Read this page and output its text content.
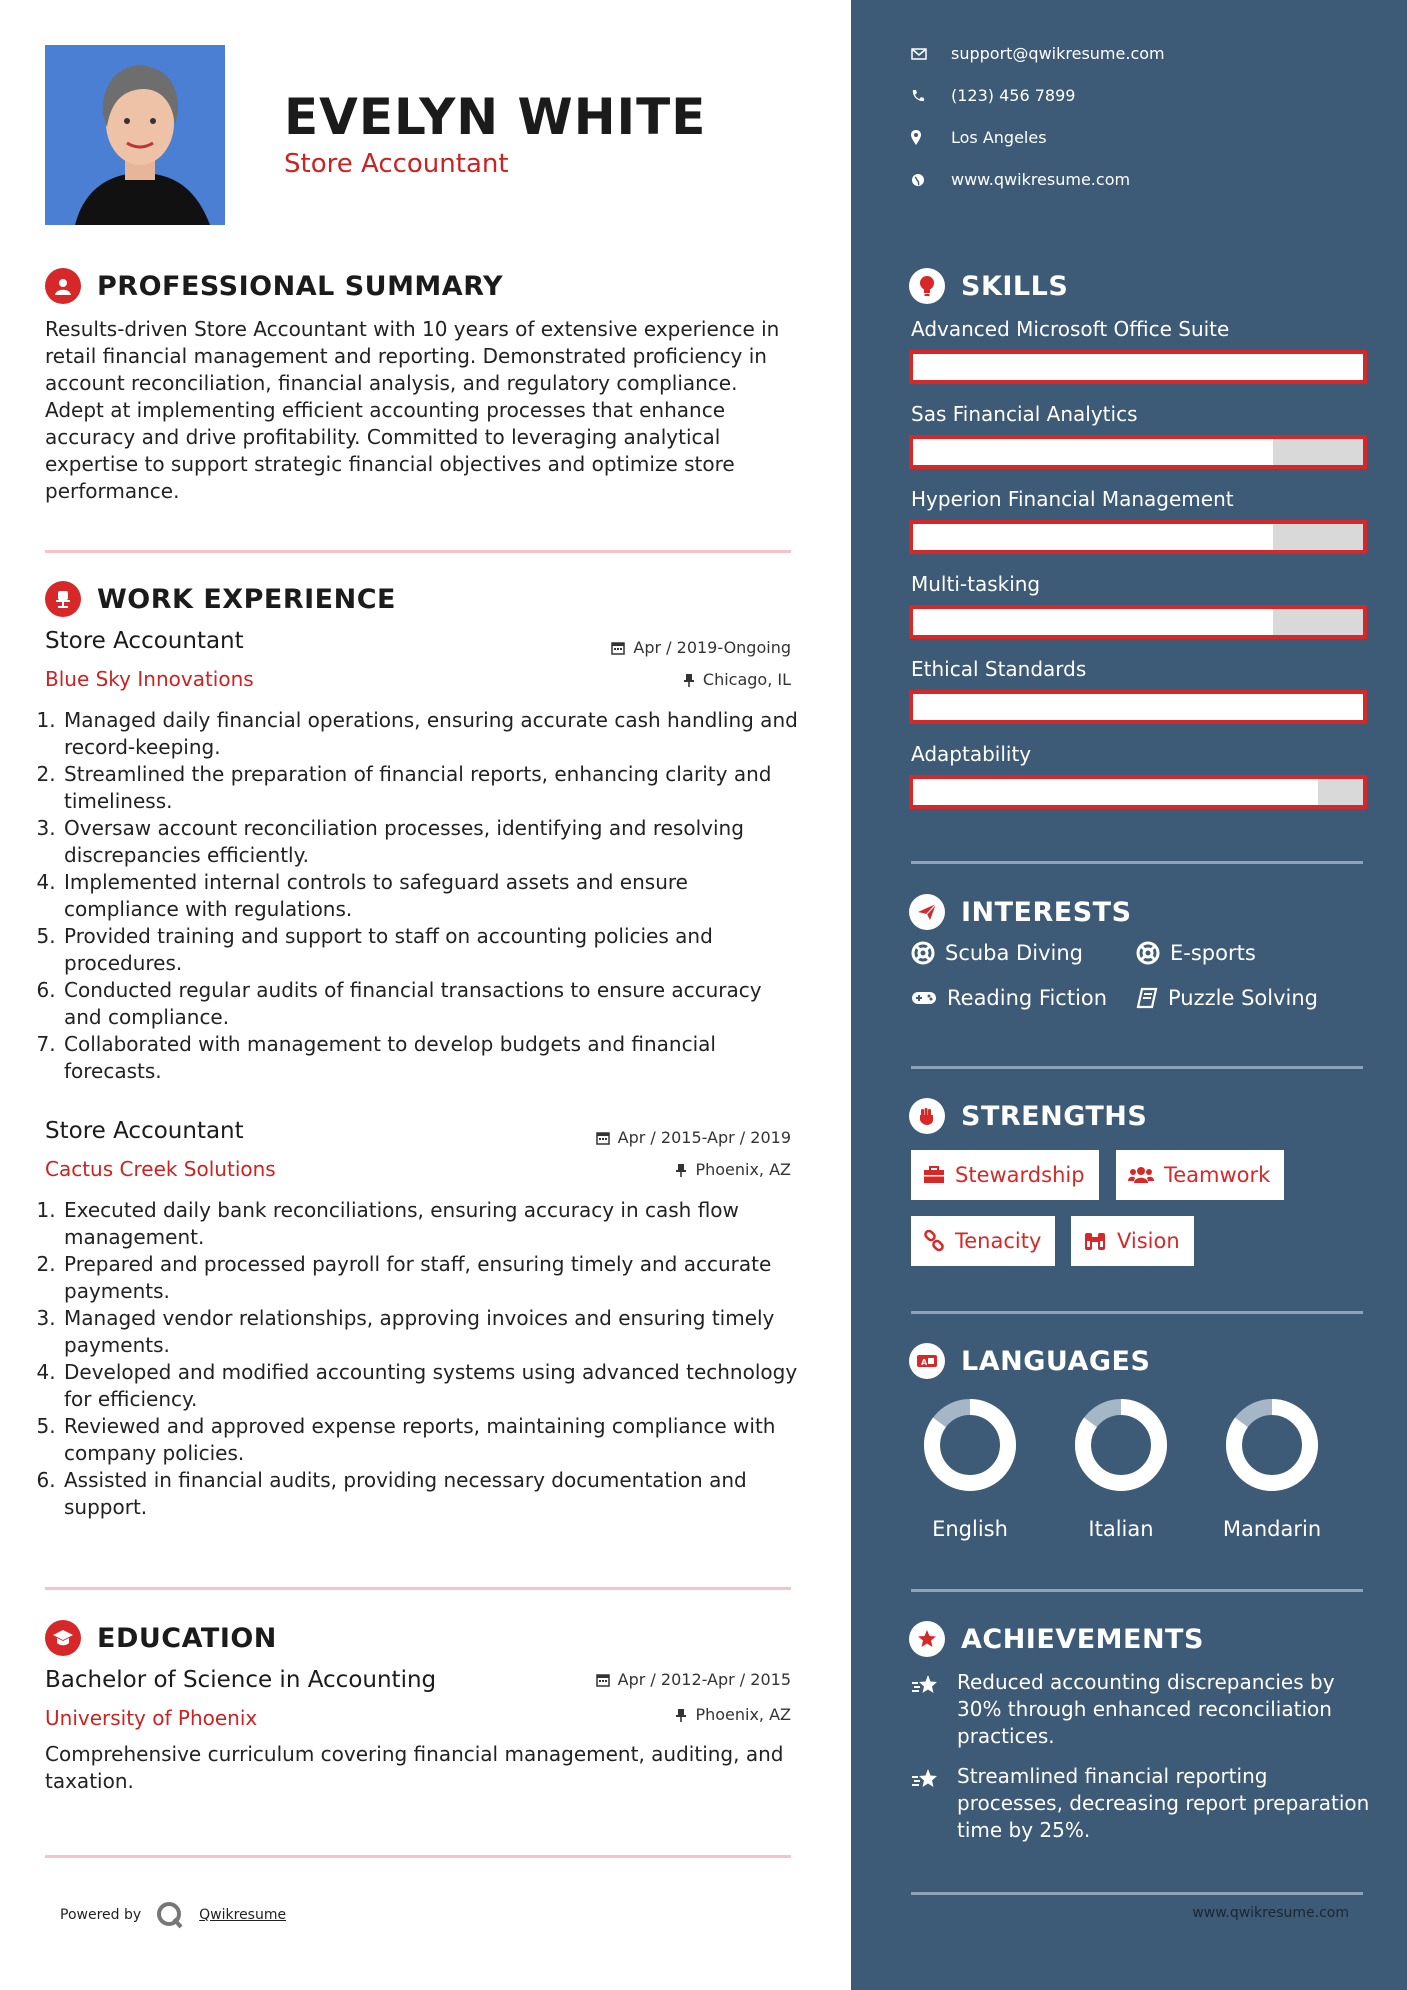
EVELYN WHITE
Store Accountant
PROFESSIONAL SUMMARY
Results-driven Store Accountant with 10 years of extensive experience in retail financial management and reporting. Demonstrated proficiency in account reconciliation, financial analysis, and regulatory compliance. Adept at implementing efficient accounting processes that enhance accuracy and drive profitability. Committed to leveraging analytical expertise to support strategic financial objectives and optimize store performance.
WORK EXPERIENCE
Store Accountant
Blue Sky Innovations
Apr / 2019-Ongoing
Chicago, IL
1. Managed daily financial operations, ensuring accurate cash handling and record-keeping.
2. Streamlined the preparation of financial reports, enhancing clarity and timeliness.
3. Oversaw account reconciliation processes, identifying and resolving discrepancies efficiently.
4. Implemented internal controls to safeguard assets and ensure compliance with regulations.
5. Provided training and support to staff on accounting policies and procedures.
6. Conducted regular audits of financial transactions to ensure accuracy and compliance.
7. Collaborated with management to develop budgets and financial forecasts.
Store Accountant
Cactus Creek Solutions
Apr / 2015-Apr / 2019
Phoenix, AZ
1. Executed daily bank reconciliations, ensuring accuracy in cash flow management.
2. Prepared and processed payroll for staff, ensuring timely and accurate payments.
3. Managed vendor relationships, approving invoices and ensuring timely payments.
4. Developed and modified accounting systems using advanced technology for efficiency.
5. Reviewed and approved expense reports, maintaining compliance with company policies.
6. Assisted in financial audits, providing necessary documentation and support.
EDUCATION
Bachelor of Science in Accounting
University of Phoenix
Apr / 2012-Apr / 2015
Phoenix, AZ
Comprehensive curriculum covering financial management, auditing, and taxation.
Powered by	Qwikresume
support@qwikresume.com
(123) 456 7899
Los Angeles
www.qwikresume.com
SKILLS
Advanced Microsoft Office Suite
Sas Financial Analytics
Hyperion Financial Management
Multi-tasking
Ethical Standards
Adaptability
INTERESTS
Scuba Diving	E-sports
Reading Fiction	Puzzle Solving
STRENGTHS
Stewardship	Teamwork
Tenacity	Vision
A LANGUAGES
English	Italian	Mandarin
ACHIEVEMENTS
Reduced accounting discrepancies by 30% through enhanced reconciliation practices.
Streamlined financial reporting processes, decreasing report preparation time by 25%.
www.qwikresume.com
